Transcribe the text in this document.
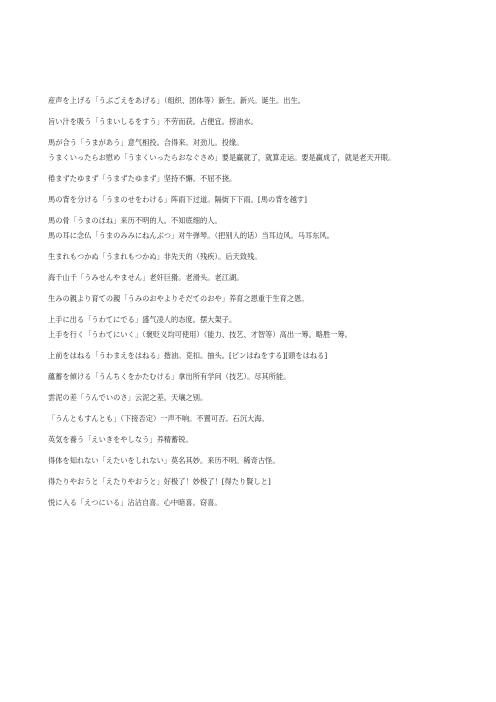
産声を上げる「うぶごえをあげる」（组织、团体等）新生。新兴。诞生。出生。

旨い汁を吸う「うまいしるをすう」不劳而获。占便宜。捞油水。

馬が合う「うまがあう」意气相投。合得来。对劲儿。投缘。

うまくいったらお慰め「うまくいったらおなぐさめ」要是赢就了，就算走运。要是赢成了，就是老天开眼。

倦まずたゆまず「うまずたゆまず」坚持不懈。不屈不挠。

馬の背を分ける「うまのせをわける」阵雨下过道。隔街下下雨。[馬の背を越す]

馬の骨「うまのほね」来历不明的人。不知底细的人。

馬の耳に念仏「うまのみみにねんぶつ」对牛弹琴。（把别人的话）当耳边风。马耳东风。

生まれもつかぬ「うまれもつかぬ」非先天的（残疾）。后天致残。

海千山千「うみせんやません」老奸巨猾。老滑头。老江湖。

生みの親より育ての親「うみのおやよりそだてのおや」养育之恩重于生育之恩。

上手に出る「うわてにでる」盛气凌人的态度。摆大架子。

上手を行く「うわてにいく」（褒贬义均可使用）（能力、技艺、才智等）高出一筹。略胜一筹。

上前をはねる「うわまえをはねる」揩油。克扣。抽头。[ピンはねをする][頭をはねる]

蘊蓄を傾ける「うんちくをかたむける」拿出所有学问（技艺）。尽其所能。

雲泥の差「うんでいのさ」云泥之差。天壤之别。

「うんともすんとも」（下接否定）一声不响。不置可否。石沉大海。

英気を養う「えいきをやしなう」养精蓄锐。

得体を知れない「えたいをしれない」莫名其妙。来历不明。稀奇古怪。

得たりやおうと「えたりやおうと」好极了！妙极了！[得たり賢しと]

悦に入る「えつにいる」沾沾自喜。心中暗喜。窃喜。
